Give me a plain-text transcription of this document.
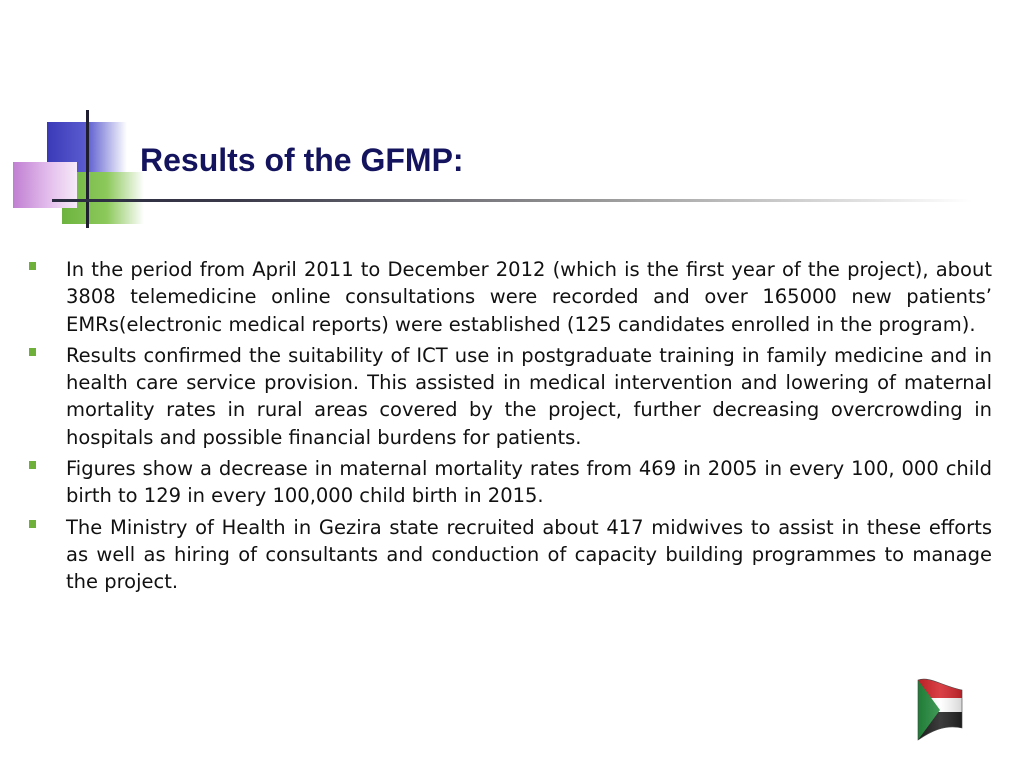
Results of the GFMP:
In the period from April 2011 to December 2012 (which is the first year of the project), about 3808 telemedicine online consultations were recorded and over 165000 new patients’ EMRs(electronic medical reports) were established (125 candidates enrolled in the program).
Results confirmed the suitability of ICT use in postgraduate training in family medicine and in health care service provision. This assisted in medical intervention and lowering of maternal mortality rates in rural areas covered by the project, further decreasing overcrowding in hospitals and possible financial burdens for patients.
Figures show a decrease in maternal mortality rates from 469 in 2005 in every 100, 000 child birth to 129 in every 100,000 child birth in 2015.
The Ministry of Health in Gezira state recruited about 417 midwives to assist in these efforts as well as hiring of consultants and conduction of capacity building programmes to manage the project.
